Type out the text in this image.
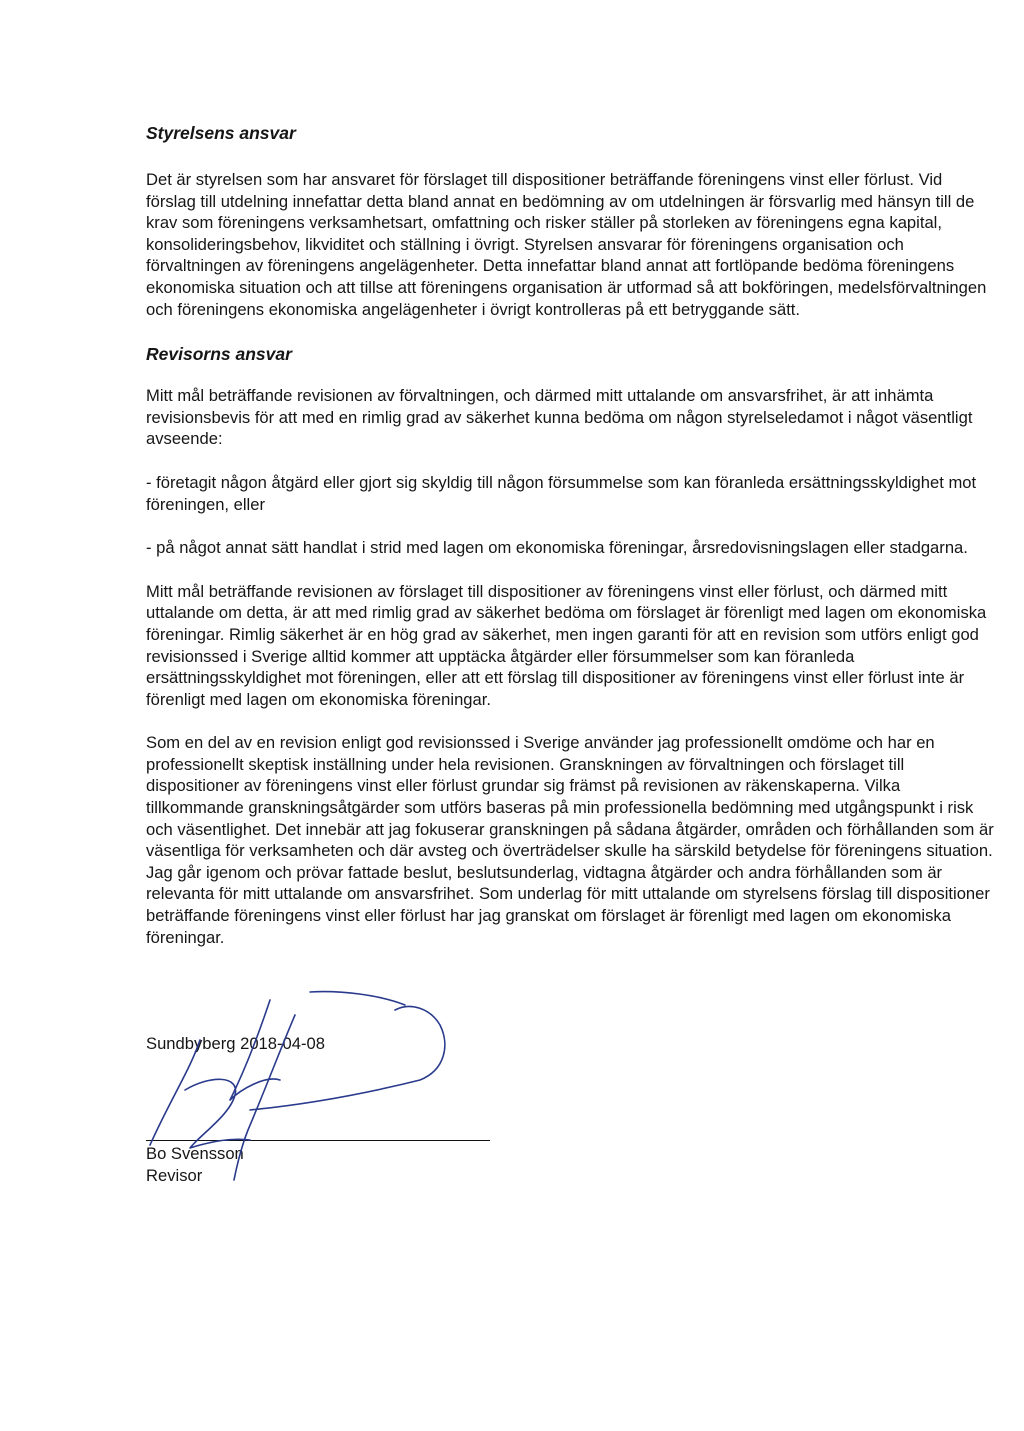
Styrelsens ansvar

Det är styrelsen som har ansvaret för förslaget till dispositioner beträffande föreningens vinst eller förlust. Vid förslag till utdelning innefattar detta bland annat en bedömning av om utdelningen är försvarlig med hänsyn till de krav som föreningens verksamhetsart, omfattning och risker ställer på storleken av föreningens egna kapital, konsolideringsbehov, likviditet och ställning i övrigt. Styrelsen ansvarar för föreningens organisation och förvaltningen av föreningens angelägenheter. Detta innefattar bland annat att fortlöpande bedöma föreningens ekonomiska situation och att tillse att föreningens organisation är utformad så att bokföringen, medelsförvaltningen och föreningens ekonomiska angelägenheter i övrigt kontrolleras på ett betryggande sätt.

Revisorns ansvar

Mitt mål beträffande revisionen av förvaltningen, och därmed mitt uttalande om ansvarsfrihet, är att inhämta revisionsbevis för att med en rimlig grad av säkerhet kunna bedöma om någon styrelseledamot i något väsentligt avseende:

- företagit någon åtgärd eller gjort sig skyldig till någon försummelse som kan föranleda ersättningsskyldighet mot föreningen, eller

- på något annat sätt handlat i strid med lagen om ekonomiska föreningar, årsredovisningslagen eller stadgarna.

Mitt mål beträffande revisionen av förslaget till dispositioner av föreningens vinst eller förlust, och därmed mitt uttalande om detta, är att med rimlig grad av säkerhet bedöma om förslaget är förenligt med lagen om ekonomiska föreningar. Rimlig säkerhet är en hög grad av säkerhet, men ingen garanti för att en revision som utförs enligt god revisionssed i Sverige alltid kommer att upptäcka åtgärder eller försummelser som kan föranleda ersättningsskyldighet mot föreningen, eller att ett förslag till dispositioner av föreningens vinst eller förlust inte är förenligt med lagen om ekonomiska föreningar.

Som en del av en revision enligt god revisionssed i Sverige använder jag professionellt omdöme och har en professionellt skeptisk inställning under hela revisionen. Granskningen av förvaltningen och förslaget till dispositioner av föreningens vinst eller förlust grundar sig främst på revisionen av räkenskaperna. Vilka tillkommande granskningsåtgärder som utförs baseras på min professionella bedömning med utgångspunkt i risk och väsentlighet. Det innebär att jag fokuserar granskningen på sådana åtgärder, områden och förhållanden som är väsentliga för verksamheten och där avsteg och överträdelser skulle ha särskild betydelse för föreningens situation. Jag går igenom och prövar fattade beslut, beslutsunderlag, vidtagna åtgärder och andra förhållanden som är relevanta för mitt uttalande om ansvarsfrihet. Som underlag för mitt uttalande om styrelsens förslag till dispositioner beträffande föreningens vinst eller förlust har jag granskat om förslaget är förenligt med lagen om ekonomiska föreningar.

Sundbyberg 2018-04-08
Bo Svensson
Revisor
